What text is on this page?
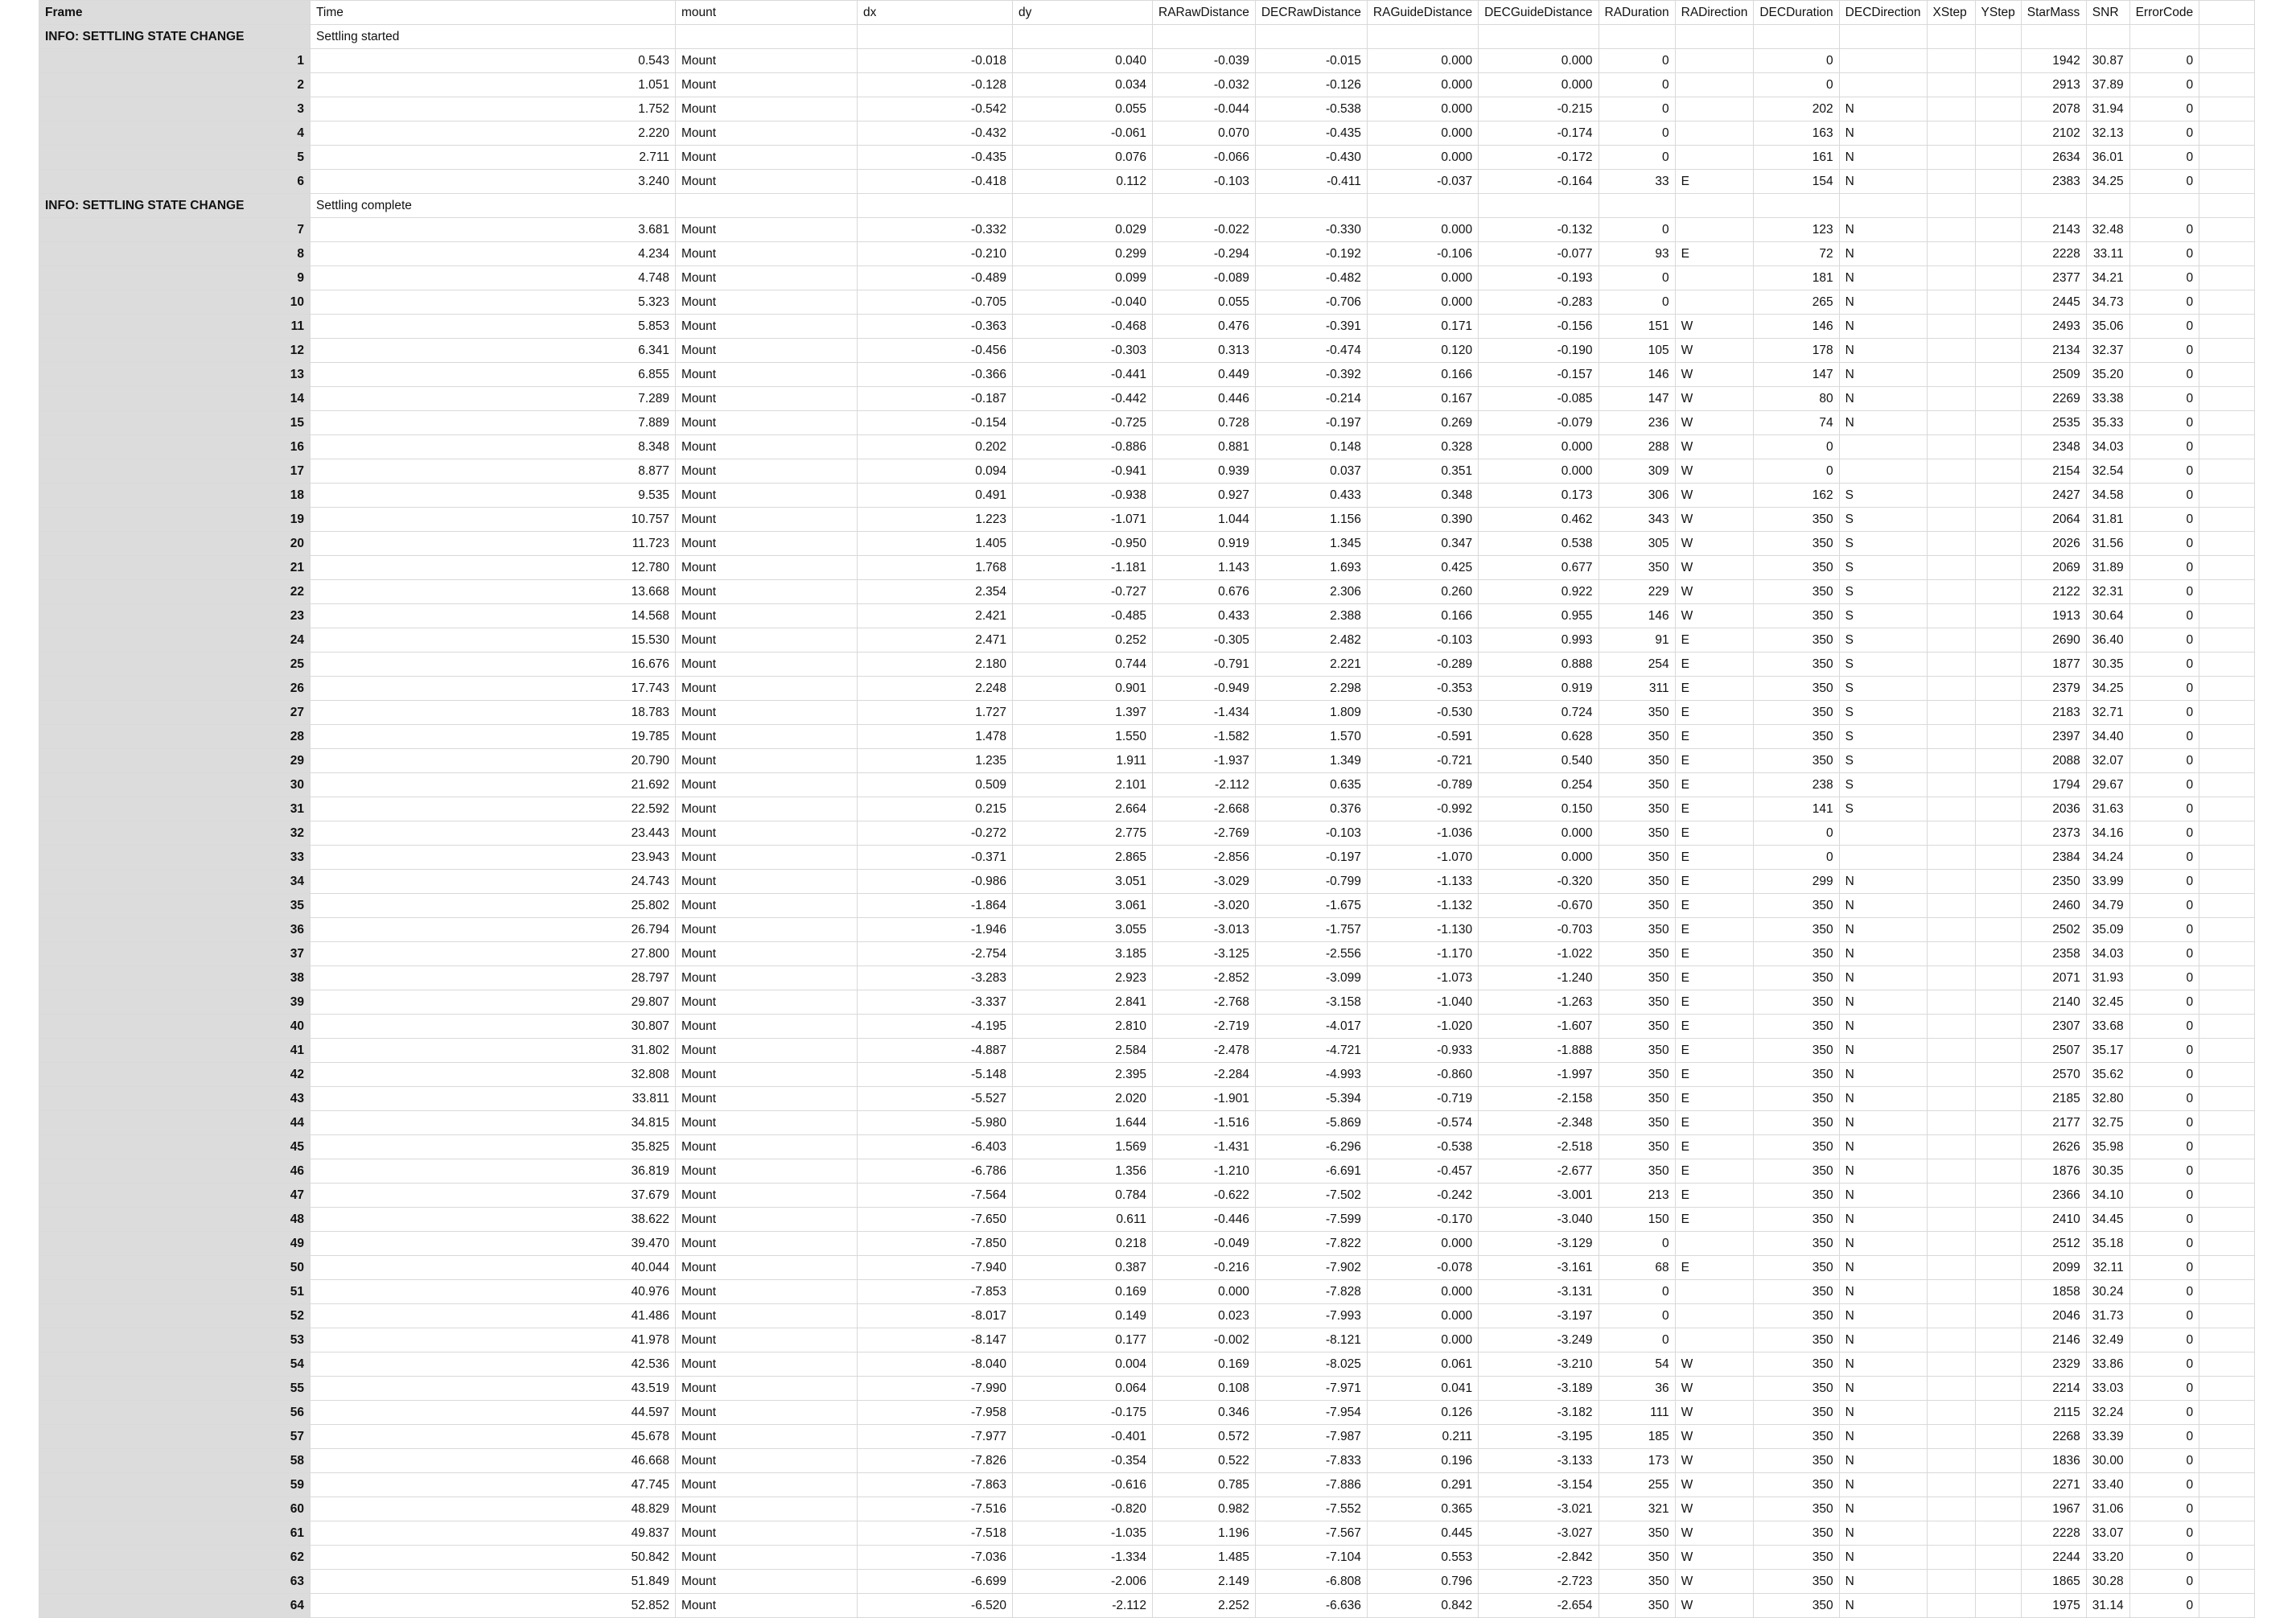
Frame	Time	mount	dx	dy	RARawDistance	DECRawDistance	RAGuideDistance	DECGuideDistance	RADuration	RADirection	DECDuration	DECDirection	XStep	YStep	StarMass	SNR	ErrorCode	
INFO: SETTLING STATE CHANGE	Settling started																	
1	0.543	Mount	-0.018	0.040	-0.039	-0.015	0.000	0.000	0		0				1942	30.87	0	
2	1.051	Mount	-0.128	0.034	-0.032	-0.126	0.000	0.000	0		0				2913	37.89	0	
3	1.752	Mount	-0.542	0.055	-0.044	-0.538	0.000	-0.215	0		202	N			2078	31.94	0	
4	2.220	Mount	-0.432	-0.061	0.070	-0.435	0.000	-0.174	0		163	N			2102	32.13	0	
5	2.711	Mount	-0.435	0.076	-0.066	-0.430	0.000	-0.172	0		161	N			2634	36.01	0	
6	3.240	Mount	-0.418	0.112	-0.103	-0.411	-0.037	-0.164	33	E	154	N			2383	34.25	0	
INFO: SETTLING STATE CHANGE	Settling complete																	
7	3.681	Mount	-0.332	0.029	-0.022	-0.330	0.000	-0.132	0		123	N			2143	32.48	0	
8	4.234	Mount	-0.210	0.299	-0.294	-0.192	-0.106	-0.077	93	E	72	N			2228	33.11	0	
9	4.748	Mount	-0.489	0.099	-0.089	-0.482	0.000	-0.193	0		181	N			2377	34.21	0	
10	5.323	Mount	-0.705	-0.040	0.055	-0.706	0.000	-0.283	0		265	N			2445	34.73	0	
11	5.853	Mount	-0.363	-0.468	0.476	-0.391	0.171	-0.156	151	W	146	N			2493	35.06	0	
12	6.341	Mount	-0.456	-0.303	0.313	-0.474	0.120	-0.190	105	W	178	N			2134	32.37	0	
13	6.855	Mount	-0.366	-0.441	0.449	-0.392	0.166	-0.157	146	W	147	N			2509	35.20	0	
14	7.289	Mount	-0.187	-0.442	0.446	-0.214	0.167	-0.085	147	W	80	N			2269	33.38	0	
15	7.889	Mount	-0.154	-0.725	0.728	-0.197	0.269	-0.079	236	W	74	N			2535	35.33	0	
16	8.348	Mount	0.202	-0.886	0.881	0.148	0.328	0.000	288	W	0				2348	34.03	0	
17	8.877	Mount	0.094	-0.941	0.939	0.037	0.351	0.000	309	W	0				2154	32.54	0	
18	9.535	Mount	0.491	-0.938	0.927	0.433	0.348	0.173	306	W	162	S			2427	34.58	0	
19	10.757	Mount	1.223	-1.071	1.044	1.156	0.390	0.462	343	W	350	S			2064	31.81	0	
20	11.723	Mount	1.405	-0.950	0.919	1.345	0.347	0.538	305	W	350	S			2026	31.56	0	
21	12.780	Mount	1.768	-1.181	1.143	1.693	0.425	0.677	350	W	350	S			2069	31.89	0	
22	13.668	Mount	2.354	-0.727	0.676	2.306	0.260	0.922	229	W	350	S			2122	32.31	0	
23	14.568	Mount	2.421	-0.485	0.433	2.388	0.166	0.955	146	W	350	S			1913	30.64	0	
24	15.530	Mount	2.471	0.252	-0.305	2.482	-0.103	0.993	91	E	350	S			2690	36.40	0	
25	16.676	Mount	2.180	0.744	-0.791	2.221	-0.289	0.888	254	E	350	S			1877	30.35	0	
26	17.743	Mount	2.248	0.901	-0.949	2.298	-0.353	0.919	311	E	350	S			2379	34.25	0	
27	18.783	Mount	1.727	1.397	-1.434	1.809	-0.530	0.724	350	E	350	S			2183	32.71	0	
28	19.785	Mount	1.478	1.550	-1.582	1.570	-0.591	0.628	350	E	350	S			2397	34.40	0	
29	20.790	Mount	1.235	1.911	-1.937	1.349	-0.721	0.540	350	E	350	S			2088	32.07	0	
30	21.692	Mount	0.509	2.101	-2.112	0.635	-0.789	0.254	350	E	238	S			1794	29.67	0	
31	22.592	Mount	0.215	2.664	-2.668	0.376	-0.992	0.150	350	E	141	S			2036	31.63	0	
32	23.443	Mount	-0.272	2.775	-2.769	-0.103	-1.036	0.000	350	E	0				2373	34.16	0	
33	23.943	Mount	-0.371	2.865	-2.856	-0.197	-1.070	0.000	350	E	0				2384	34.24	0	
34	24.743	Mount	-0.986	3.051	-3.029	-0.799	-1.133	-0.320	350	E	299	N			2350	33.99	0	
35	25.802	Mount	-1.864	3.061	-3.020	-1.675	-1.132	-0.670	350	E	350	N			2460	34.79	0	
36	26.794	Mount	-1.946	3.055	-3.013	-1.757	-1.130	-0.703	350	E	350	N			2502	35.09	0	
37	27.800	Mount	-2.754	3.185	-3.125	-2.556	-1.170	-1.022	350	E	350	N			2358	34.03	0	
38	28.797	Mount	-3.283	2.923	-2.852	-3.099	-1.073	-1.240	350	E	350	N			2071	31.93	0	
39	29.807	Mount	-3.337	2.841	-2.768	-3.158	-1.040	-1.263	350	E	350	N			2140	32.45	0	
40	30.807	Mount	-4.195	2.810	-2.719	-4.017	-1.020	-1.607	350	E	350	N			2307	33.68	0	
41	31.802	Mount	-4.887	2.584	-2.478	-4.721	-0.933	-1.888	350	E	350	N			2507	35.17	0	
42	32.808	Mount	-5.148	2.395	-2.284	-4.993	-0.860	-1.997	350	E	350	N			2570	35.62	0	
43	33.811	Mount	-5.527	2.020	-1.901	-5.394	-0.719	-2.158	350	E	350	N			2185	32.80	0	
44	34.815	Mount	-5.980	1.644	-1.516	-5.869	-0.574	-2.348	350	E	350	N			2177	32.75	0	
45	35.825	Mount	-6.403	1.569	-1.431	-6.296	-0.538	-2.518	350	E	350	N			2626	35.98	0	
46	36.819	Mount	-6.786	1.356	-1.210	-6.691	-0.457	-2.677	350	E	350	N			1876	30.35	0	
47	37.679	Mount	-7.564	0.784	-0.622	-7.502	-0.242	-3.001	213	E	350	N			2366	34.10	0	
48	38.622	Mount	-7.650	0.611	-0.446	-7.599	-0.170	-3.040	150	E	350	N			2410	34.45	0	
49	39.470	Mount	-7.850	0.218	-0.049	-7.822	0.000	-3.129	0		350	N			2512	35.18	0	
50	40.044	Mount	-7.940	0.387	-0.216	-7.902	-0.078	-3.161	68	E	350	N			2099	32.11	0	
51	40.976	Mount	-7.853	0.169	0.000	-7.828	0.000	-3.131	0		350	N			1858	30.24	0	
52	41.486	Mount	-8.017	0.149	0.023	-7.993	0.000	-3.197	0		350	N			2046	31.73	0	
53	41.978	Mount	-8.147	0.177	-0.002	-8.121	0.000	-3.249	0		350	N			2146	32.49	0	
54	42.536	Mount	-8.040	0.004	0.169	-8.025	0.061	-3.210	54	W	350	N			2329	33.86	0	
55	43.519	Mount	-7.990	0.064	0.108	-7.971	0.041	-3.189	36	W	350	N			2214	33.03	0	
56	44.597	Mount	-7.958	-0.175	0.346	-7.954	0.126	-3.182	111	W	350	N			2115	32.24	0	
57	45.678	Mount	-7.977	-0.401	0.572	-7.987	0.211	-3.195	185	W	350	N			2268	33.39	0	
58	46.668	Mount	-7.826	-0.354	0.522	-7.833	0.196	-3.133	173	W	350	N			1836	30.00	0	
59	47.745	Mount	-7.863	-0.616	0.785	-7.886	0.291	-3.154	255	W	350	N			2271	33.40	0	
60	48.829	Mount	-7.516	-0.820	0.982	-7.552	0.365	-3.021	321	W	350	N			1967	31.06	0	
61	49.837	Mount	-7.518	-1.035	1.196	-7.567	0.445	-3.027	350	W	350	N			2228	33.07	0	
62	50.842	Mount	-7.036	-1.334	1.485	-7.104	0.553	-2.842	350	W	350	N			2244	33.20	0	
63	51.849	Mount	-6.699	-2.006	2.149	-6.808	0.796	-2.723	350	W	350	N			1865	30.28	0	
64	52.852	Mount	-6.520	-2.112	2.252	-6.636	0.842	-2.654	350	W	350	N			1975	31.14	0	
